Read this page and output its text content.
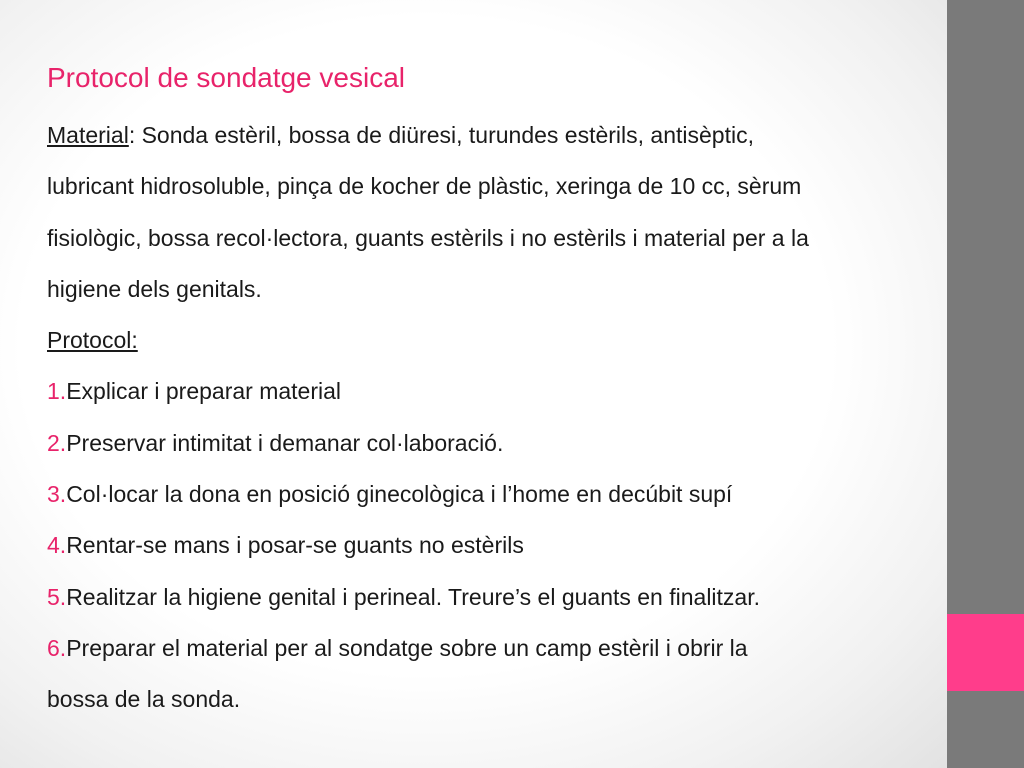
Protocol de sondatge vesical

Material: Sonda estèril, bossa de diüresi, turundes estèrils, antisèptic,

lubricant hidrosoluble, pinça de kocher de plàstic, xeringa de 10 cc, sèrum

fisiològic, bossa recol·lectora, guants estèrils i no estèrils i material per a la

higiene dels genitals.

Protocol:

1.Explicar i preparar material

2.Preservar intimitat i demanar col·laboració.

3.Col·locar la dona en posició ginecològica i l’home en decúbit supí

4.Rentar-se mans i posar-se guants no estèrils

5.Realitzar la higiene genital i perineal. Treure’s el guants en finalitzar.

6.Preparar el material per al sondatge sobre un camp estèril i obrir la

bossa de la sonda.
